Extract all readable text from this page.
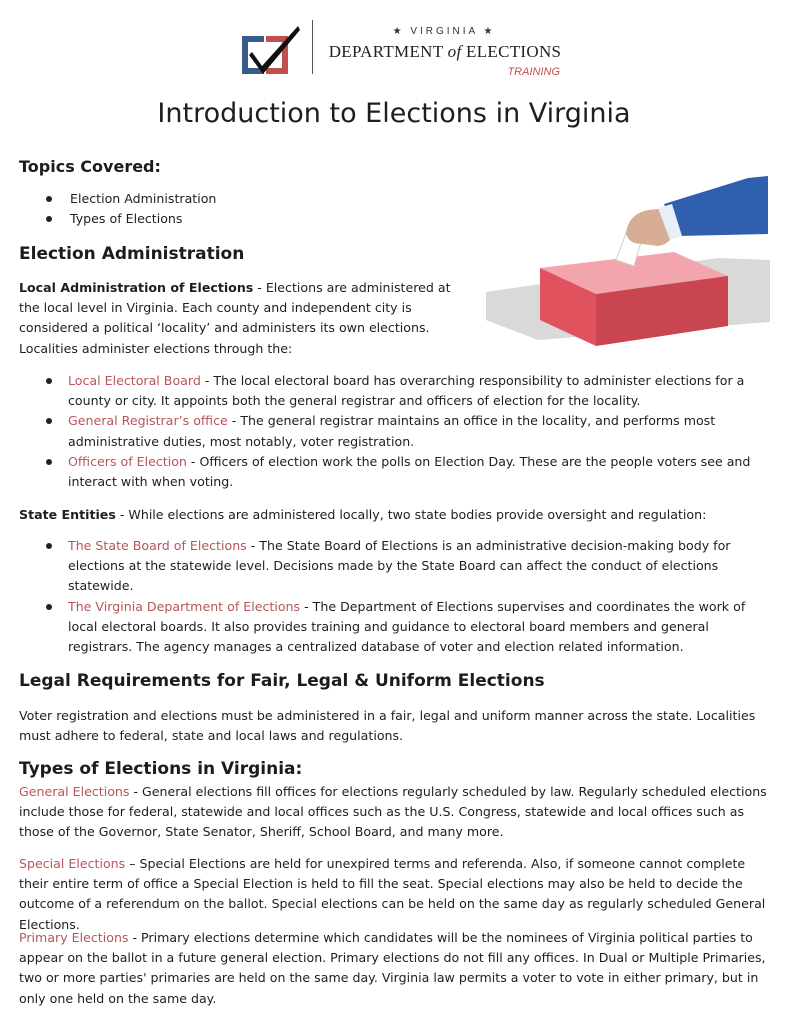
★ VIRGINIA ★
DEPARTMENT of ELECTIONS
TRAINING
Introduction to Elections in Virginia
Topics Covered:
Election Administration
Types of Elections
Election Administration

Local Administration of Elections - Elections are administered at the local level in Virginia. Each county and independent city is considered a political ‘locality’ and administers its own elections. Localities administer elections through the:

Local Electoral Board - The local electoral board has overarching responsibility to administer elections for a county or city. It appoints both the general registrar and officers of election for the locality.
General Registrar’s office - The general registrar maintains an office in the locality, and performs most administrative duties, most notably, voter registration.
Officers of Election - Officers of election work the polls on Election Day. These are the people voters see and interact with when voting.

State Entities - While elections are administered locally, two state bodies provide oversight and regulation:

The State Board of Elections - The State Board of Elections is an administrative decision-making body for elections at the statewide level. Decisions made by the State Board can affect the conduct of elections statewide.
The Virginia Department of Elections - The Department of Elections supervises and coordinates the work of local electoral boards. It also provides training and guidance to electoral board members and general registrars. The agency manages a centralized database of voter and election related information.
Legal Requirements for Fair, Legal & Uniform Elections

Voter registration and elections must be administered in a fair, legal and uniform manner across the state. Localities must adhere to federal, state and local laws and regulations.

Types of Elections in Virginia:

General Elections - General elections fill offices for elections regularly scheduled by law. Regularly scheduled elections include those for federal, statewide and local offices such as the U.S. Congress, statewide and local offices such as those of the Governor, State Senator, Sheriff, School Board, and many more.

Special Elections – Special Elections are held for unexpired terms and referenda. Also, if someone cannot complete their entire term of office a Special Election is held to fill the seat. Special elections may also be held to decide the outcome of a referendum on the ballot. Special elections can be held on the same day as regularly scheduled General Elections.

Primary Elections - Primary elections determine which candidates will be the nominees of Virginia political parties to appear on the ballot in a future general election. Primary elections do not fill any offices. In Dual or Multiple Primaries, two or more parties' primaries are held on the same day. Virginia law permits a voter to vote in either primary, but in only one held on the same day.
